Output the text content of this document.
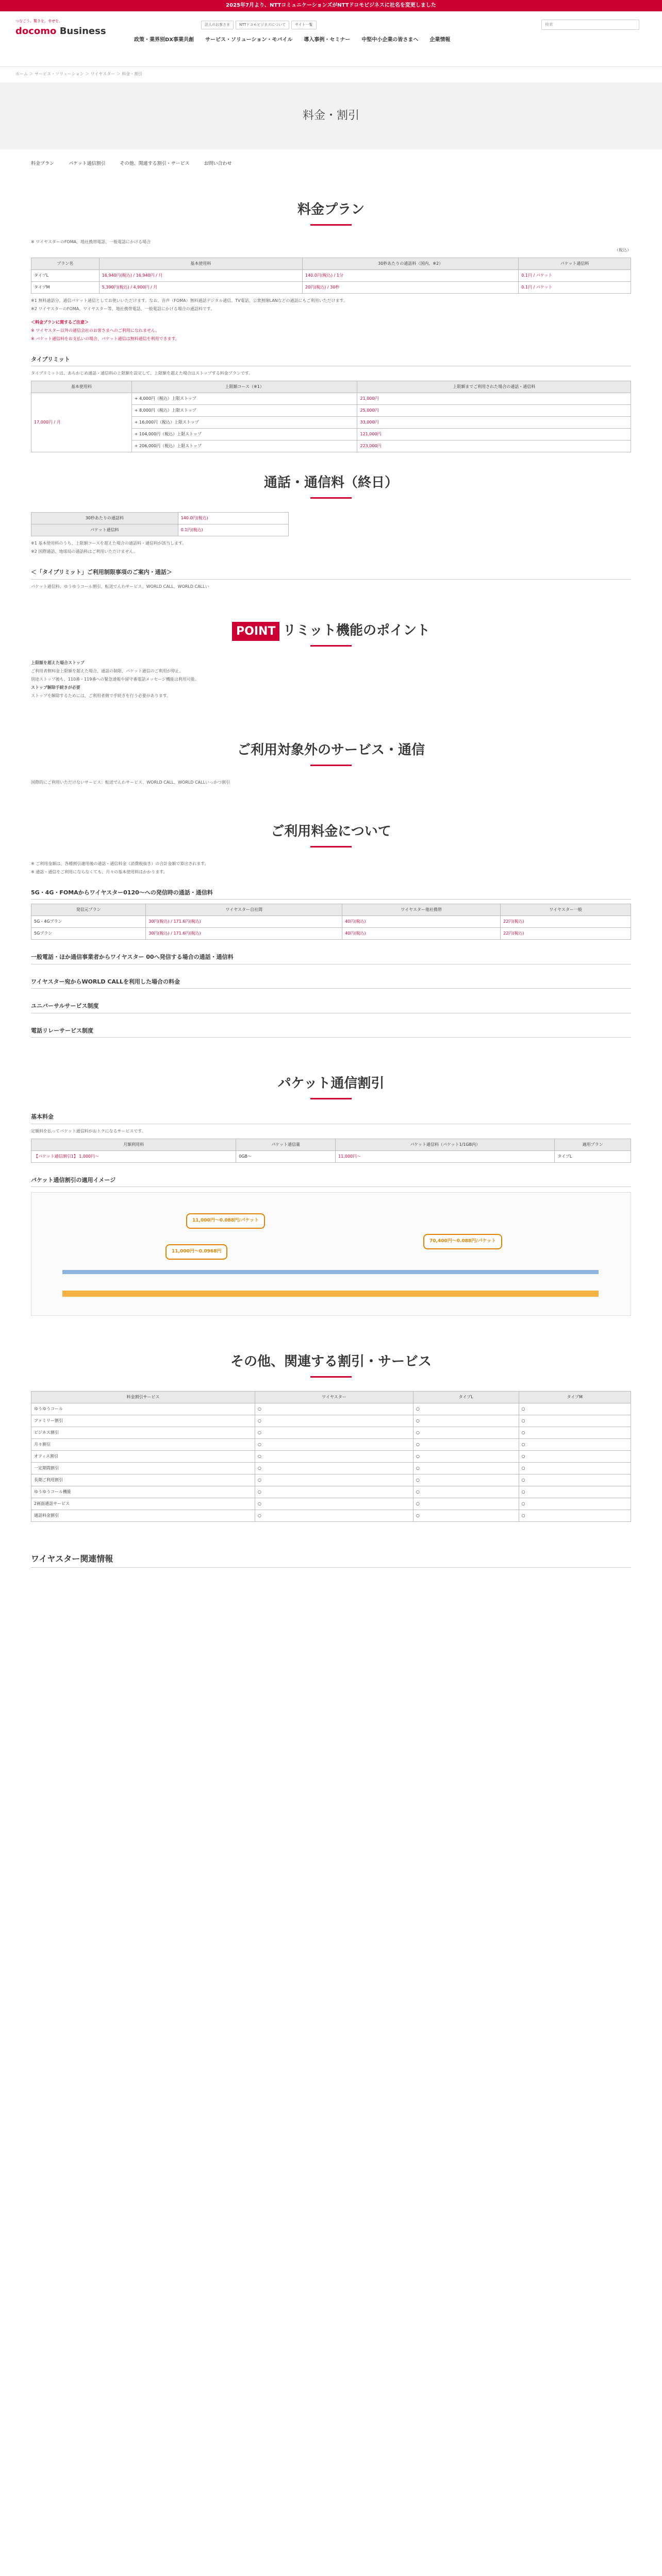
2025年7月より、NTTコミュニケーションズがNTTドコモビジネスに社名を変更しました
つなごう。驚きを。幸せを。
docomo Business
法人のお客さま	NTTドコモビジネスについて	サイト一覧	検索
政策・業界別DX事業共創 サービス・ソリューション・モバイル 導入事例・セミナー 中堅中小企業の皆さまへ 企業情報
ホーム ＞ サービス・ソリューション ＞ ワイヤスター ＞ 料金・割引
料金・割引
料金プラン	パケット通信割引	その他、関連する割引・サービス	お問い合わせ
料金プラン
※ ワイヤスターのFOMA、地社携帯電話、一般電話にかける場合
（税込）
プラン名	基本使用料	30秒あたりの通話料（国内、※2）	パケット通信料
タイプL	16,940円(税込) / 16,940円 / 月	140.0円(税込) / 1分	0.1円 / パケット
タイプM	5,390円(税込) / 4,900円 / 月	20円(税込) / 30秒	0.1円 / パケット
※1 無料通話分、通信パケット通信としてお使いいただけます。なお、音声（FOMA）無料通話デジタル通信、TV電話、公衆無線LANなどの通話にもご利用いただけます。
※2 ワイヤスターのFOMA、ワイヤスター等、地社携帯電話、一般電話にかける場合の通話料です。
＜料金プランに関するご注意＞
※ ワイヤスター以外の通信会社のお客さまへのご利用になれません。
※ パケット通信料をお支払いの場合、パケット通信は無料通信を利用できます。
タイプリミット
タイプリミットは、あらかじめ通話・通信料の上限額を設定して、上限額を超えた場合はストップする料金プランです。
基本使用料	上限額コース（※1）	上限額までご利用された場合の通話・通信料
17,000円 / 月	+ 4,000円（税込）上限ストップ	21,000円
	+ 8,000円（税込）上限ストップ	25,000円
	+ 16,000円（税込）上限ストップ	33,000円
	+ 104,000円（税込）上限ストップ	121,000円
	+ 206,000円（税込）上限ストップ	223,000円
通話・通信料（終日）
30秒あたりの通話料	140.0円(税込)
パケット通信料	0.1円(税込)
※1 基本使用料のうち、上限額コースを超えた場合の通話料・通信料が該当します。
※2 国際通話、地球局の通話料はご利用いただけません。
＜「タイプリミット」ご利用制限事項のご案内・通話＞
パケット通信料、ゆうゆうコール割引、転送でんわサービス、WORLD CALL、WORLD CALLい
POINT リミット機能のポイント
上限額を超えた場合ストップ
ご利用者側料金上限額を超えた場合、通話の制限、パケット通信のご利用が停止。
別途ストップ後も、110番・119番への緊急通報や留守番電話メッセージ機能は利用可能。
ストップ解除手続きが必要
ストップを解除するためには、ご利用者側で手続きを行う必要があります。
ご利用対象外のサービス・通信
国際的にご利用いただけないサービス：転送でんわサービス、WORLD CALL、WORLD CALLいっかつ割引
ご利用料金について
※ ご利用金額は、各種割引適用後の通話・通信料金（消費税抜き）の合計金額で算出されます。
※ 通話・通信をご利用にならなくても、月々の基本使用料はかかります。
5G・4G・FOMAからワイヤスター0120～への発信時の通話・通信料
発信元プラン	ワイヤスター自社間	ワイヤスター他社携帯	ワイヤスター一般
5G・4Gプラン	30円(税込) / 171.6円(税込)	40円(税込)	22円(税込)
5Gプラン	30円(税込) / 171.6円(税込)	40円(税込)	22円(税込)
一般電話・ほか通信事業者からワイヤスター 00へ発信する場合の通話・通信料
ワイヤスター宛からWORLD CALLを利用した場合の料金
ユニバーサルサービス制度
電話リレーサービス制度
パケット通信割引
基本料金
定額料を払ってパケット通信料がおトクになるサービスです。
月額利用料	パケット通信量	パケット通信料（パケット1/1GB内）	適用プラン
【パケット通信割引1】 1,000円〜	0GB〜	11,000円〜	タイプL
パケット通信割引の適用イメージ
11,000円〜0.088円/パケット
11,000円〜0.0968円
70,400円〜0.088円/パケット
その他、関連する割引・サービス
料金割引サービス	ワイヤスター	タイプL	タイプM
ゆうゆうコール	○	○	○
ファミリー割引	○	○	○
ビジネス割引	○	○	○
月々割引	○	○	○
オフィス割引	○	○	○
一定期間割引	○	○	○
長期ご利用割引	○	○	○
ゆうゆうコール機能	○	○	○
2画面通話サービス	○	○	○
通話料金割引	○	○	○
ワイヤスター関連情報
